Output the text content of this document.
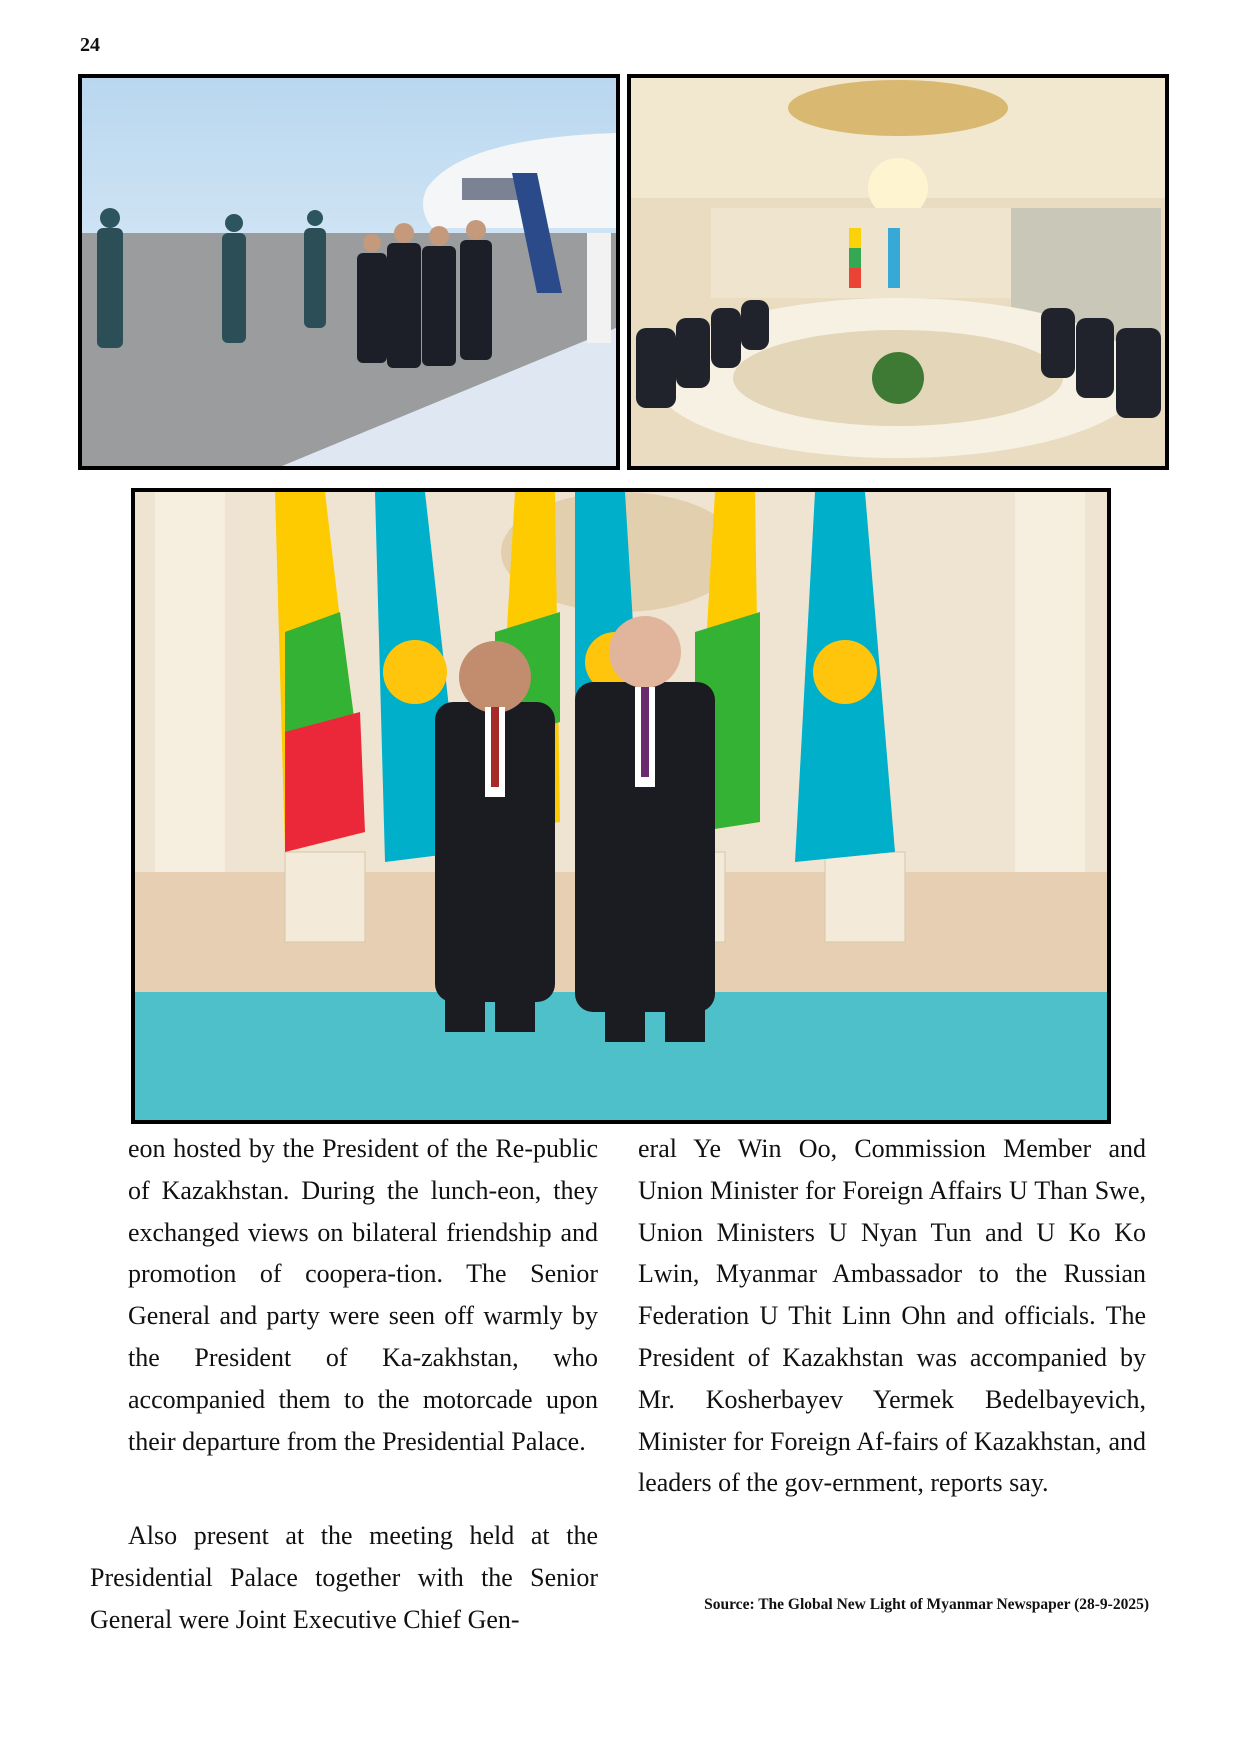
24

eon hosted by the President of the Re-public of Kazakhstan. During the lunch-eon, they exchanged views on bilateral friendship and promotion of coopera-tion. The Senior General and party were seen off warmly by the President of Ka-zakhstan, who accompanied them to the motorcade upon their departure from the Presidential Palace.

Also present at the meeting held at the Presidential Palace together with the Senior General were Joint Executive Chief Gen-

eral Ye Win Oo, Commission Member and Union Minister for Foreign Affairs U Than Swe, Union Ministers U Nyan Tun and U Ko Ko Lwin, Myanmar Ambassador to the Russian Federation U Thit Linn Ohn and officials. The President of Kazakhstan was accompanied by Mr. Kosherbayev Yermek Bedelbayevich, Minister for Foreign Af-fairs of Kazakhstan, and leaders of the gov-ernment, reports say.

Source: The Global New Light of Myanmar Newspaper (28-9-2025)
